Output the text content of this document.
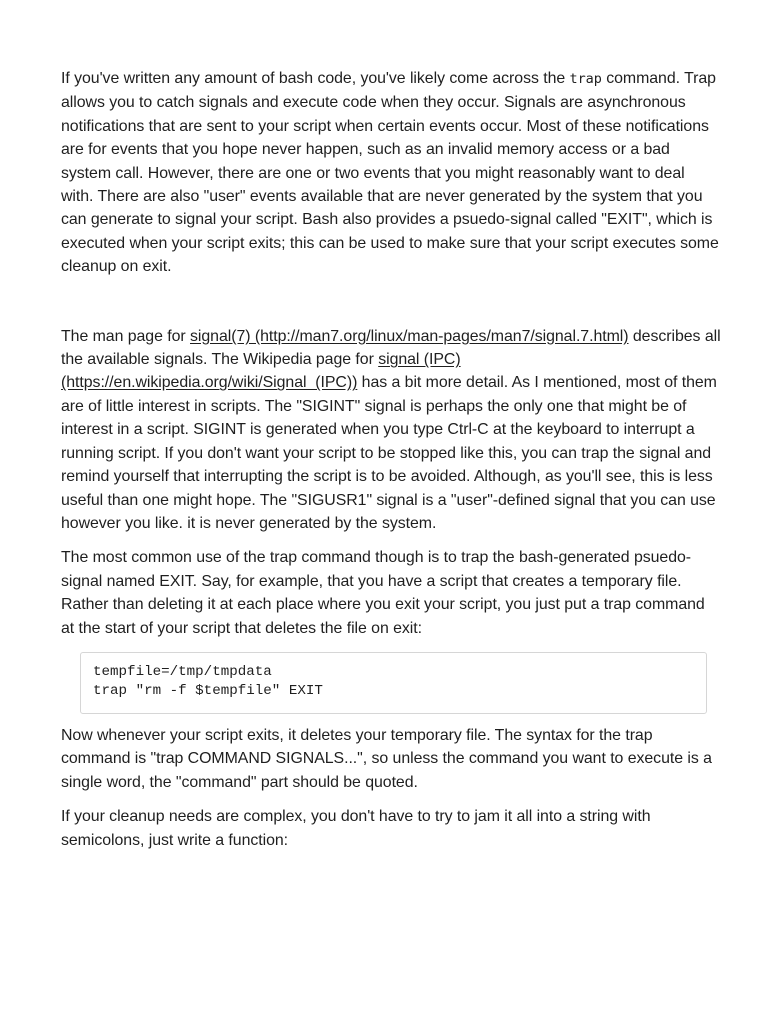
If you've written any amount of bash code, you've likely come across the trap command. Trap allows you to catch signals and execute code when they occur. Signals are asynchronous notifications that are sent to your script when certain events occur. Most of these notifications are for events that you hope never happen, such as an invalid memory access or a bad system call. However, there are one or two events that you might reasonably want to deal with. There are also "user" events available that are never generated by the system that you can generate to signal your script. Bash also provides a psuedo-signal called "EXIT", which is executed when your script exits; this can be used to make sure that your script executes some cleanup on exit.

The man page for signal(7) (http://man7.org/linux/man-pages/man7/signal.7.html) describes all the available signals. The Wikipedia page for signal (IPC) (https://en.wikipedia.org/wiki/Signal_(IPC)) has a bit more detail. As I mentioned, most of them are of little interest in scripts. The "SIGINT" signal is perhaps the only one that might be of interest in a script. SIGINT is generated when you type Ctrl-C at the keyboard to interrupt a running script. If you don't want your script to be stopped like this, you can trap the signal and remind yourself that interrupting the script is to be avoided. Although, as you'll see, this is less useful than one might hope. The "SIGUSR1" signal is a "user"-defined signal that you can use however you like. it is never generated by the system.

The most common use of the trap command though is to trap the bash-generated psuedo-signal named EXIT. Say, for example, that you have a script that creates a temporary file. Rather than deleting it at each place where you exit your script, you just put a trap command at the start of your script that deletes the file on exit:

tempfile=/tmp/tmpdata
trap "rm -f $tempfile" EXIT

Now whenever your script exits, it deletes your temporary file. The syntax for the trap command is "trap COMMAND SIGNALS...", so unless the command you want to execute is a single word, the "command" part should be quoted.

If your cleanup needs are complex, you don't have to try to jam it all into a string with semicolons, just write a function:
